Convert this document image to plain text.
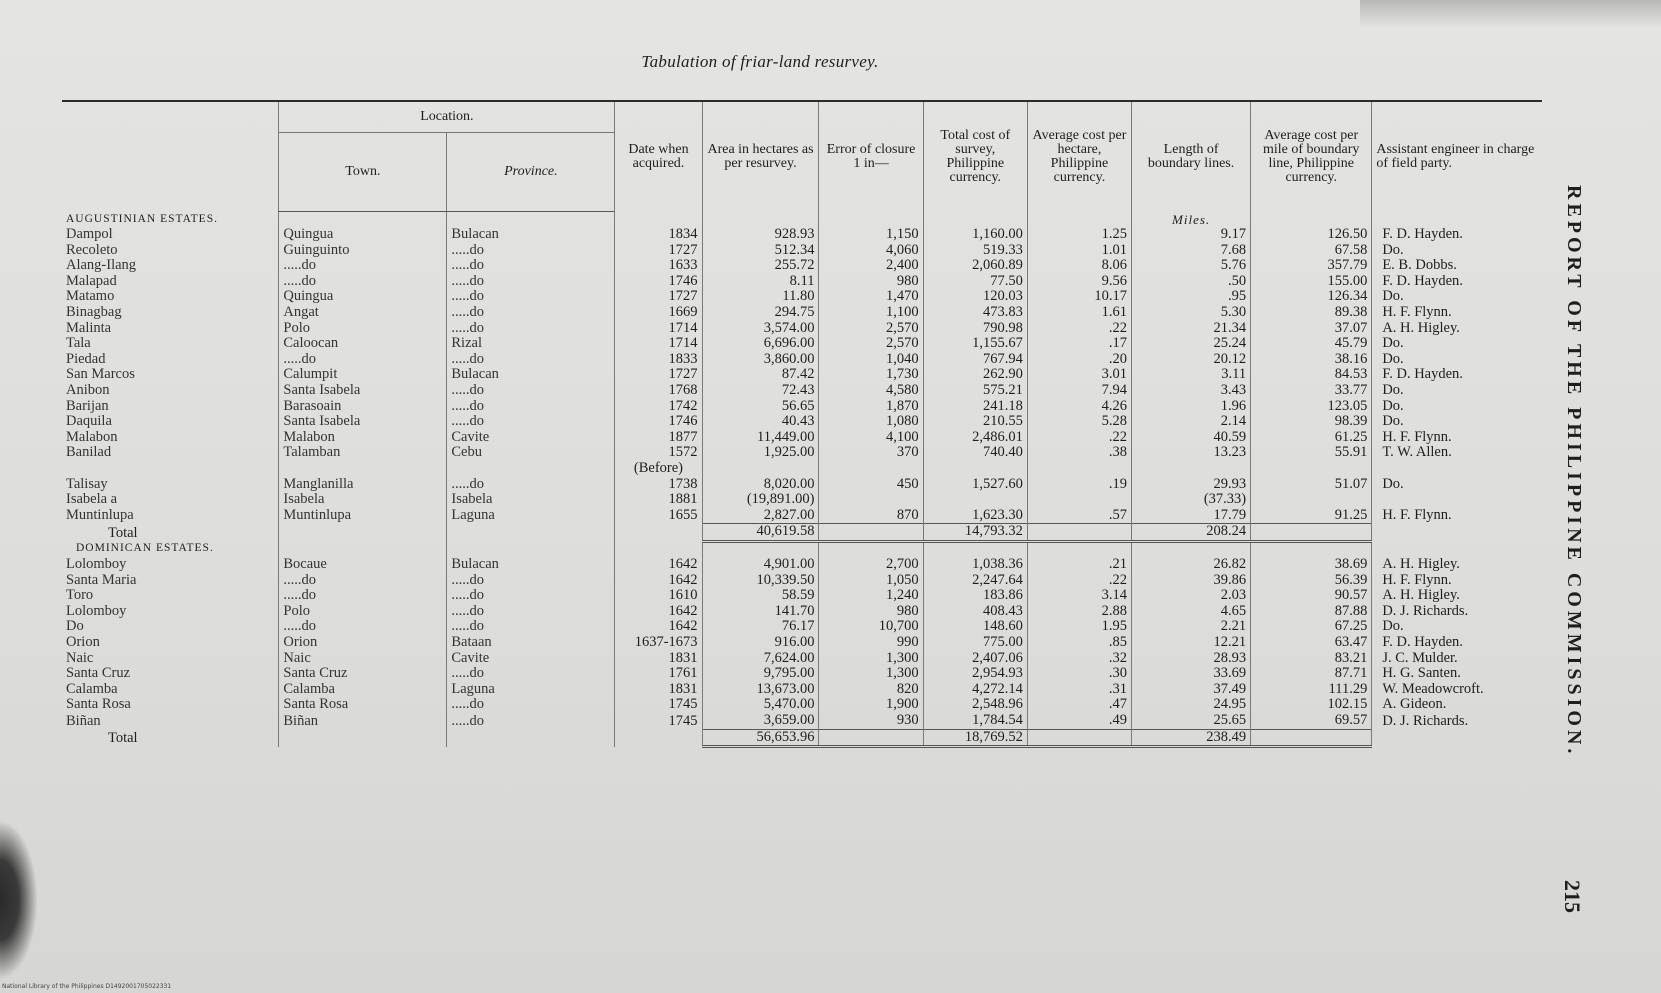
Tabulation of friar-land resurvey.
REPORT OF THE PHILIPPINE COMMISSION.
215
National Library of the Philippines D1492001705022331
	Location.		Date when acquired.	Area in hectares as per resurvey.	Error of closure 1 in—	Total cost of survey, Philippine currency.	Average cost per hectare, Philippine currency.	Length of boundary lines.	Average cost per mile of boundary line, Philippine currency.	Assistant engineer in charge of field party.
	Town.	Province.								
AUGUSTINIAN ESTATES.								Miles.		
Dampol	Quingua	Bulacan	1834	928.93	1,150	1,160.00	1.25	9.17	126.50	F. D. Hayden.
Recoleto	Guinguinto	.....do	1727	512.34	4,060	519.33	1.01	7.68	67.58	Do.
Alang-Ilang	.....do	.....do	1633	255.72	2,400	2,060.89	8.06	5.76	357.79	E. B. Dobbs.
Malapad	.....do	.....do	1746	8.11	980	77.50	9.56	.50	155.00	F. D. Hayden.
Matamo	Quingua	.....do	1727	11.80	1,470	120.03	10.17	.95	126.34	Do.
Binagbag	Angat	.....do	1669	294.75	1,100	473.83	1.61	5.30	89.38	H. F. Flynn.
Malinta	Polo	.....do	1714	3,574.00	2,570	790.98	.22	21.34	37.07	A. H. Higley.
Tala	Caloocan	Rizal	1714	6,696.00	2,570	1,155.67	.17	25.24	45.79	Do.
Piedad	.....do	.....do	1833	3,860.00	1,040	767.94	.20	20.12	38.16	Do.
San Marcos	Calumpit	Bulacan	1727	87.42	1,730	262.90	3.01	3.11	84.53	F. D. Hayden.
Anibon	Santa Isabela	.....do	1768	72.43	4,580	575.21	7.94	3.43	33.77	Do.
Barijan	Barasoain	.....do	1742	56.65	1,870	241.18	4.26	1.96	123.05	Do.
Daquila	Santa Isabela	.....do	1746	40.43	1,080	210.55	5.28	2.14	98.39	Do.
Malabon	Malabon	Cavite	1877	11,449.00	4,100	2,486.01	.22	40.59	61.25	H. F. Flynn.
Banilad	Talamban	Cebu	1572	1,925.00	370	740.40	.38	13.23	55.91	T. W. Allen.
			(Before)							
Talisay	Manglanilla	.....do	1738	8,020.00	450	1,527.60	.19	29.93	51.07	Do.
Isabela a	Isabela	Isabela	1881	(19,891.00)				(37.33)		
Muntinlupa	Muntinlupa	Laguna	1655	2,827.00	870	1,623.30	.57	17.79	91.25	H. F. Flynn.
Total				40,619.58		14,793.32		208.24		
DOMINICAN ESTATES.										
Lolomboy	Bocaue	Bulacan	1642	4,901.00	2,700	1,038.36	.21	26.82	38.69	A. H. Higley.
Santa Maria	.....do	.....do	1642	10,339.50	1,050	2,247.64	.22	39.86	56.39	H. F. Flynn.
Toro	.....do	.....do	1610	58.59	1,240	183.86	3.14	2.03	90.57	A. H. Higley.
Lolomboy	Polo	.....do	1642	141.70	980	408.43	2.88	4.65	87.88	D. J. Richards.
Do	.....do	.....do	1642	76.17	10,700	148.60	1.95	2.21	67.25	Do.
Orion	Orion	Bataan	1637-1673	916.00	990	775.00	.85	12.21	63.47	F. D. Hayden.
Naic	Naic	Cavite	1831	7,624.00	1,300	2,407.06	.32	28.93	83.21	J. C. Mulder.
Santa Cruz	Santa Cruz	.....do	1761	9,795.00	1,300	2,954.93	.30	33.69	87.71	H. G. Santen.
Calamba	Calamba	Laguna	1831	13,673.00	820	4,272.14	.31	37.49	111.29	W. Meadowcroft.
Santa Rosa	Santa Rosa	.....do	1745	5,470.00	1,900	2,548.96	.47	24.95	102.15	A. Gideon.
Biñan	Biñan	.....do	1745	3,659.00	930	1,784.54	.49	25.65	69.57	D. J. Richards.
Total				56,653.96		18,769.52		238.49		
